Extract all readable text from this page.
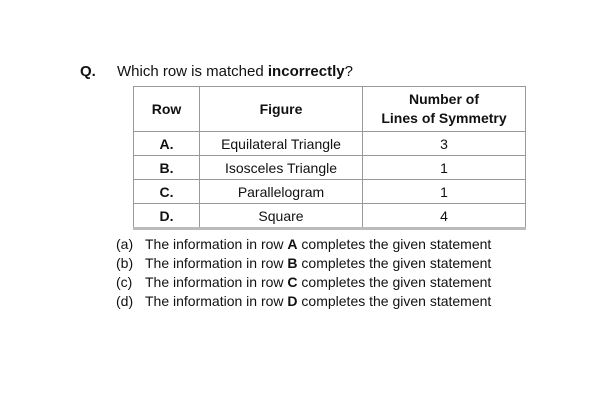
Q. Which row is matched incorrectly?
Row	Figure	Number of
Lines of Symmetry
A.	Equilateral Triangle	3
B.	Isosceles Triangle	1
C.	Parallelogram	1
D.	Square	4
(a) The information in row A completes the given statement
(b) The information in row B completes the given statement
(c) The information in row C completes the given statement
(d) The information in row D completes the given statement
